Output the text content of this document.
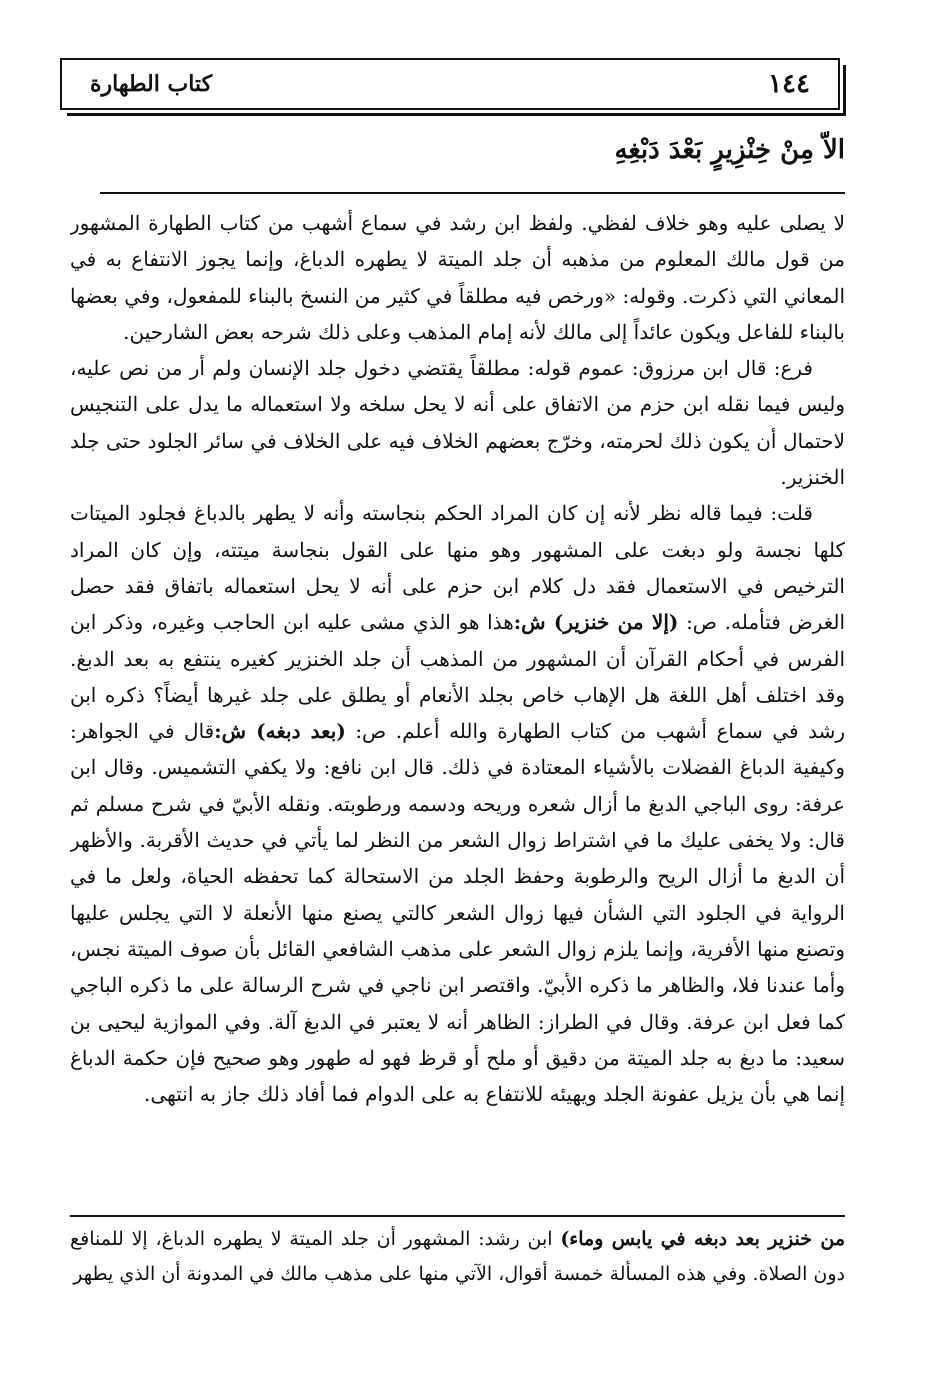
١٤٤
كتاب الطهارة
الاّ مِنْ خِنْزِيرٍ بَعْدَ دَبْغِهِ

لا يصلى عليه وهو خلاف لفظي. ولفظ ابن رشد في سماع أشهب من كتاب الطهارة المشهور من قول مالك المعلوم من مذهبه أن جلد الميتة لا يطهره الدباغ، وإنما يجوز الانتفاع به في المعاني التي ذكرت. وقوله: «ورخص فيه مطلقاً في كثير من النسخ بالبناء للمفعول، وفي بعضها بالبناء للفاعل ويكون عائداً إلى مالك لأنه إمام المذهب وعلى ذلك شرحه بعض الشارحين.

فرع: قال ابن مرزوق: عموم قوله: مطلقاً يقتضي دخول جلد الإنسان ولم أر من نص عليه، وليس فيما نقله ابن حزم من الاتفاق على أنه لا يحل سلخه ولا استعماله ما يدل على التنجيس لاحتمال أن يكون ذلك لحرمته، وخرّج بعضهم الخلاف فيه على الخلاف في سائر الجلود حتى جلد الخنزير.

قلت: فيما قاله نظر لأنه إن كان المراد الحكم بنجاسته وأنه لا يطهر بالدباغ فجلود الميتات كلها نجسة ولو دبغت على المشهور وهو منها على القول بنجاسة ميتته، وإن كان المراد الترخيص في الاستعمال فقد دل كلام ابن حزم على أنه لا يحل استعماله باتفاق فقد حصل الغرض فتأمله. ص: (إلا من خنزير) ش:هذا هو الذي مشى عليه ابن الحاجب وغيره، وذكر ابن الفرس في أحكام القرآن أن المشهور من المذهب أن جلد الخنزير كغيره ينتفع به بعد الدبغ. وقد اختلف أهل اللغة هل الإهاب خاص بجلد الأنعام أو يطلق على جلد غيرها أيضاً؟ ذكره ابن رشد في سماع أشهب من كتاب الطهارة والله أعلم. ص: (بعد دبغه) ش:قال في الجواهر: وكيفية الدباغ الفضلات بالأشياء المعتادة في ذلك. قال ابن نافع: ولا يكفي التشميس. وقال ابن عرفة: روى الباجي الدبغ ما أزال شعره وريحه ودسمه ورطوبته. ونقله الأبيّ في شرح مسلم ثم قال: ولا يخفى عليك ما في اشتراط زوال الشعر من النظر لما يأتي في حديث الأقربة. والأظهر أن الدبغ ما أزال الريح والرطوبة وحفظ الجلد من الاستحالة كما تحفظه الحياة، ولعل ما في الرواية في الجلود التي الشأن فيها زوال الشعر كالتي يصنع منها الأنعلة لا التي يجلس عليها وتصنع منها الأفرية، وإنما يلزم زوال الشعر على مذهب الشافعي القائل بأن صوف الميتة نجس، وأما عندنا فلا، والظاهر ما ذكره الأبيّ. واقتصر ابن ناجي في شرح الرسالة على ما ذكره الباجي كما فعل ابن عرفة. وقال في الطراز: الظاهر أنه لا يعتبر في الدبغ آلة. وفي الموازية ليحيى بن سعيد: ما دبغ به جلد الميتة من دقيق أو ملح أو قرظ فهو له طهور وهو صحيح فإن حكمة الدباغ إنما هي بأن يزيل عفونة الجلد ويهيئه للانتفاع به على الدوام فما أفاد ذلك جاز به انتهى.

من خنزير بعد دبغه في يابس وماء) ابن رشد: المشهور أن جلد الميتة لا يطهره الدباغ، إلا للمنافع دون الصلاة. وفي هذه المسألة خمسة أقوال، الآتي منها على مذهب مالك في المدونة أن الذي يطهر
